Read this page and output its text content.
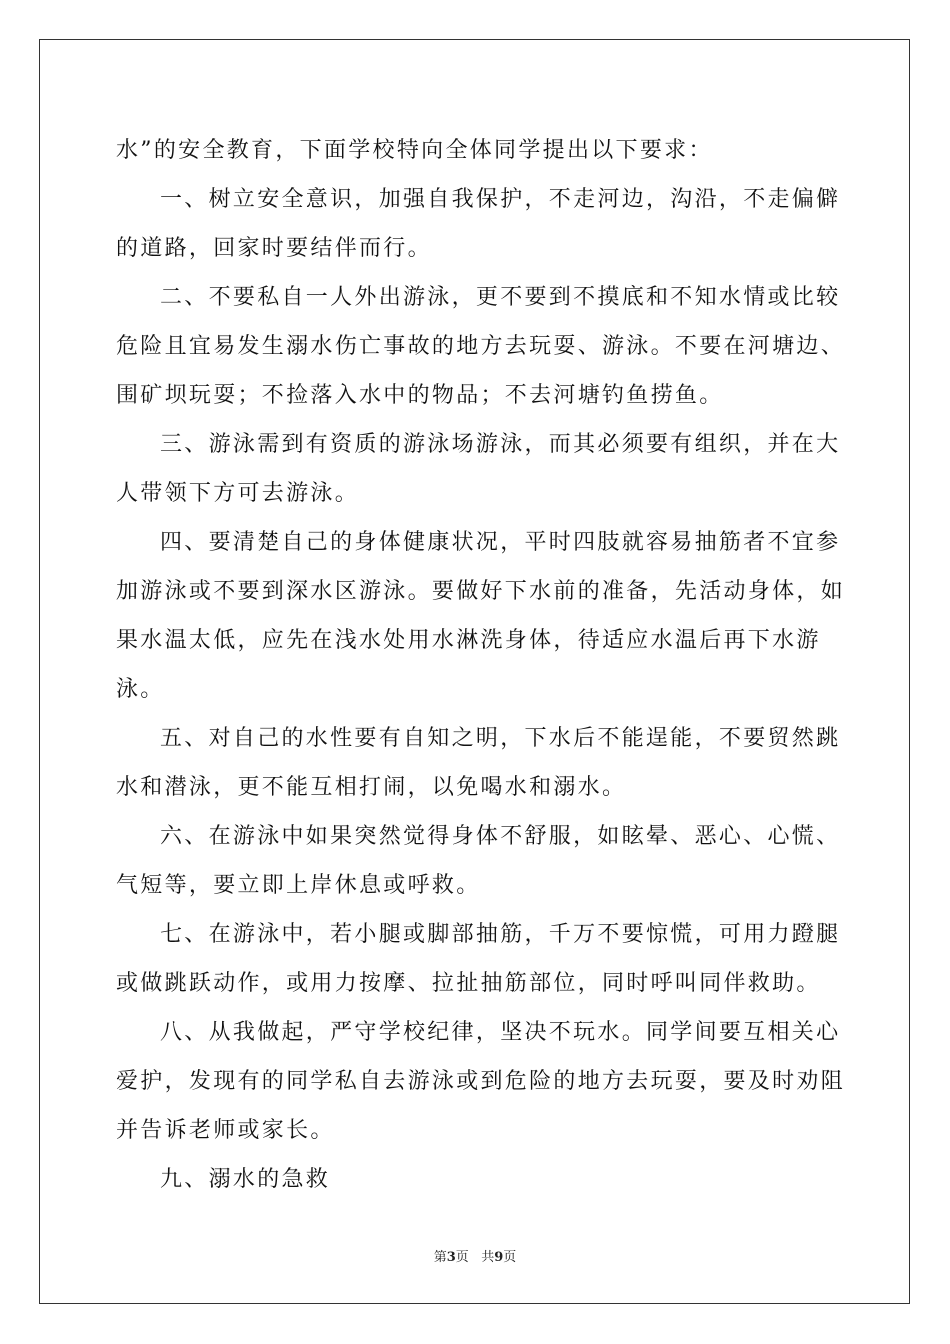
水”的安全教育，下面学校特向全体同学提出以下要求：

一、树立安全意识，加强自我保护，不走河边，沟沿，不走偏僻的道路，回家时要结伴而行。

二、不要私自一人外出游泳，更不要到不摸底和不知水情或比较危险且宜易发生溺水伤亡事故的地方去玩耍、游泳。不要在河塘边、围矿坝玩耍；不捡落入水中的物品；不去河塘钓鱼捞鱼。

三、游泳需到有资质的游泳场游泳，而其必须要有组织，并在大人带领下方可去游泳。

四、要清楚自己的身体健康状况，平时四肢就容易抽筋者不宜参加游泳或不要到深水区游泳。要做好下水前的准备，先活动身体，如果水温太低，应先在浅水处用水淋洗身体，待适应水温后再下水游泳。

五、对自己的水性要有自知之明，下水后不能逞能，不要贸然跳水和潜泳，更不能互相打闹，以免喝水和溺水。

六、在游泳中如果突然觉得身体不舒服，如眩晕、恶心、心慌、气短等，要立即上岸休息或呼救。

七、在游泳中，若小腿或脚部抽筋，千万不要惊慌，可用力蹬腿或做跳跃动作，或用力按摩、拉扯抽筋部位，同时呼叫同伴救助。

八、从我做起，严守学校纪律，坚决不玩水。同学间要互相关心爱护，发现有的同学私自去游泳或到危险的地方去玩耍，要及时劝阻并告诉老师或家长。

九、溺水的急救

第3页 共9页
